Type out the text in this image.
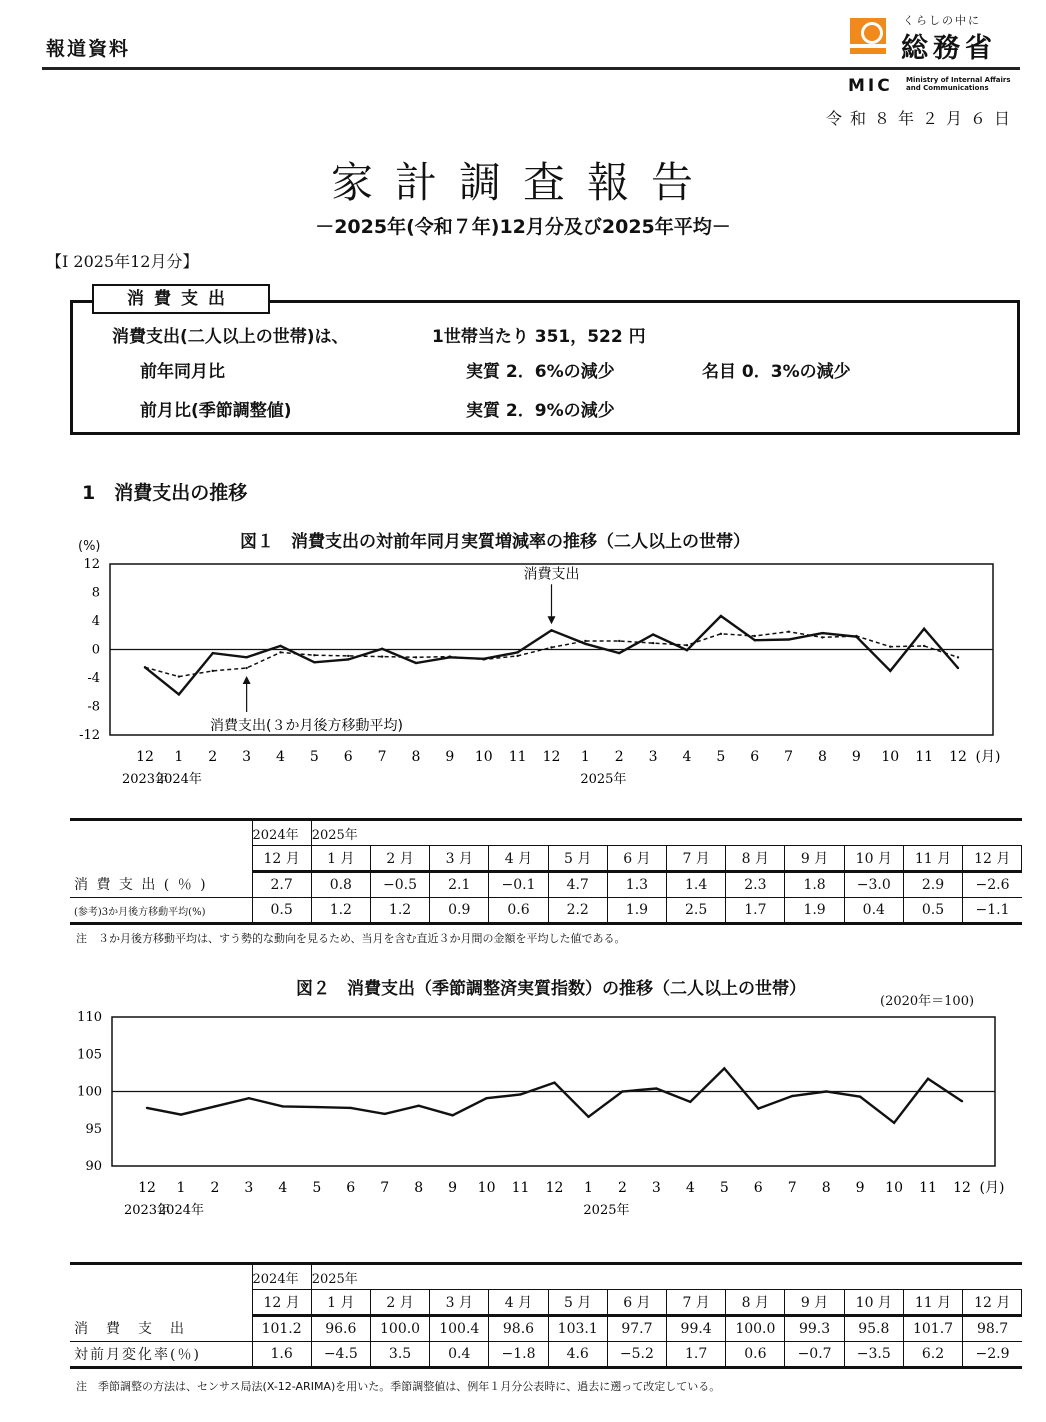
報道資料
くらしの中に
総務省
MIC Ministry of Internal Affairs
and Communications
令和８年２月６日
家計調査報告
－2025年(令和７年)12月分及び2025年平均－
【Ⅰ 2025年12月分】
消費支出
消費支出(二人以上の世帯)は、	1世帯当たり 351，522 円
前年同月比	実質 2．6%の減少	名目 0．3%の減少
前月比(季節調整値)	実質 2．9%の減少
1　消費支出の推移
図１　消費支出の対前年同月実質増減率の推移（二人以上の世帯）
(%)
12
8
4
0
-4
-8
-12
12 1 2 3 4 5 6 7 8 9 10 11 12 1 2 3 4 5 6 7 8 9 10 11 12 (月)
2023年
2024年	2025年
消費支出
消費支出(３か月後方移動平均)
	2024年	2025年											
	12 月	1 月	2 月	3 月	4 月	5 月	6 月	7 月	8 月	9 月	10 月	11 月	12 月
消 費 支 出 ( ％ )	2.7	0.8	−0.5	2.1	−0.1	4.7	1.3	1.4	2.3	1.8	−3.0	2.9	−2.6
(参考)3か月後方移動平均(%)	0.5	1.2	1.2	0.9	0.6	2.2	1.9	2.5	1.7	1.9	0.4	0.5	−1.1
注　３か月後方移動平均は、すう勢的な動向を見るため、当月を含む直近３か月間の金額を平均した値である。
図２　消費支出（季節調整済実質指数）の推移（二人以上の世帯）
(2020年＝100)
110
105
100
95
90
12 1 2 3 4 5 6 7 8 9 10 11 12 1 2 3 4 5 6 7 8 9 10 11 12 (月)
2023年
2024年	2025年
	2024年	2025年											
	12 月	1 月	2 月	3 月	4 月	5 月	6 月	7 月	8 月	9 月	10 月	11 月	12 月
消　費　支　出	101.2	96.6	100.0	100.4	98.6	103.1	97.7	99.4	100.0	99.3	95.8	101.7	98.7
対前月変化率(％)	1.6	−4.5	3.5	0.4	−1.8	4.6	−5.2	1.7	0.6	−0.7	−3.5	6.2	−2.9
注　季節調整の方法は、センサス局法(X-12-ARIMA)を用いた。季節調整値は、例年１月分公表時に、過去に遡って改定している。
